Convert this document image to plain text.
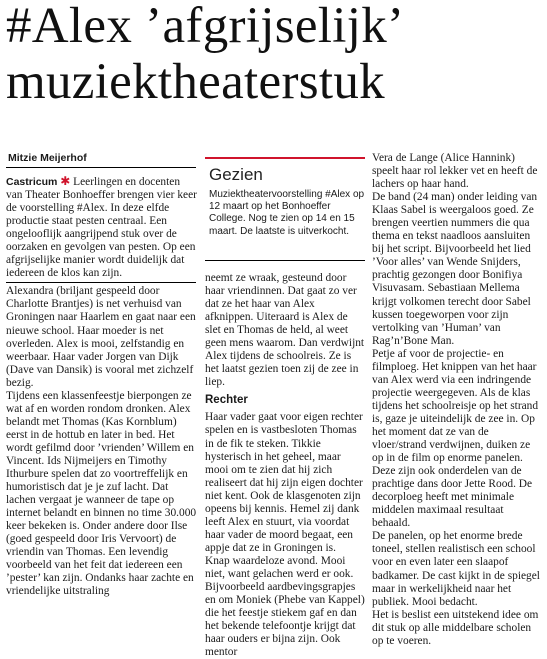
#Alex ’afgrijselijk’ muziektheaterstuk
Mitzie Meijerhof

Castricum ✱ Leerlingen en docenten van Theater Bonhoeffer brengen vier keer de voorstelling #Alex. In deze elfde productie staat pesten centraal. Een ongelooflijk aangrijpend stuk over de oorzaken en gevolgen van pesten. Op een afgrijselijke manier wordt duidelijk dat iedereen de klos kan zijn.

Alexandra (briljant gespeeld door Charlotte Brantjes) is net verhuisd van Groningen naar Haarlem en gaat naar een nieuwe school. Haar moeder is net overleden. Alex is mooi, zelfstandig en weerbaar. Haar vader Jorgen van Dijk (Dave van Dansik) is vooral met zichzelf bezig.

Tijdens een klassenfeestje bierpongen ze wat af en worden rondom dronken. Alex belandt met Thomas (Kas Kornblum) eerst in de hottub en later in bed. Het wordt gefilmd door ’vrienden’ Willem en Vincent. Ids Nijmeijers en Timothy Ithurbure spelen dat zo voortreffelijk en humoristisch dat je je zuf lacht. Dat lachen vergaat je wanneer de tape op internet belandt en binnen no time 30.000 keer bekeken is. Onder andere door Ilse (goed gespeeld door Iris Vervoort) de vriendin van Thomas. Een levendig voorbeeld van het feit dat iedereen een ’pester’ kan zijn. Ondanks haar zachte en vriendelijke uitstraling

Gezien

Muziektheatervoorstelling #Alex op 12 maart op het Bonhoeffer College. Nog te zien op 14 en 15 maart. De laatste is uitverkocht.

neemt ze wraak, gesteund door haar vriendinnen. Dat gaat zo ver dat ze het haar van Alex afknippen. Uiteraard is Alex de slet en Thomas de held, al weet geen mens waarom. Dan verdwijnt Alex tijdens de schoolreis. Ze is het laatst gezien toen zij de zee in liep.

Rechter

Haar vader gaat voor eigen rechter spelen en is vastbesloten Thomas in de fik te steken. Tikkie hysterisch in het geheel, maar mooi om te zien dat hij zich realiseert dat hij zijn eigen dochter niet kent. Ook de klasgenoten zijn opeens bij kennis. Hemel zij dank leeft Alex en stuurt, via voordat haar vader de moord begaat, een appje dat ze in Groningen is.

Knap waardeloze avond. Mooi niet, want gelachen werd er ook. Bijvoorbeeld aardbevingsgrapjes en om Moniek (Phebe van Kappel) die het feestje stiekem gaf en dan het bekende telefoontje krijgt dat haar ouders er bijna zijn. Ook mentor

Vera de Lange (Alice Hannink) speelt haar rol lekker vet en heeft de lachers op haar hand.

De band (24 man) onder leiding van Klaas Sabel is weergaloos goed. Ze brengen veertien nummers die qua thema en tekst naadloos aansluiten bij het script. Bijvoorbeeld het lied ’Voor alles’ van Wende Snijders, prachtig gezongen door Bonifiya Visuvasam. Sebastiaan Mellema krijgt volkomen terecht door Sabel kussen toegeworpen voor zijn vertolking van ’Human’ van Rag’n’Bone Man.

Petje af voor de projectie- en filmploeg. Het knippen van het haar van Alex werd via een indringende projectie weergegeven. Als de klas tijdens het schoolreisje op het strand is, gaze je uiteindelijk de zee in. Op het moment dat ze van de vloer/strand verdwijnen, duiken ze op in de film op enorme panelen. Deze zijn ook onderdelen van de prachtige dans door Jette Rood. De decorploeg heeft met minimale middelen maximaal resultaat behaald.

De panelen, op het enorme brede toneel, stellen realistisch een school voor en even later een slaapof badkamer. De cast kijkt in de spiegel maar in werkelijkheid naar het publiek. Mooi bedacht.

Het is beslist een uitstekend idee om dit stuk op alle middelbare scholen op te voeren.
